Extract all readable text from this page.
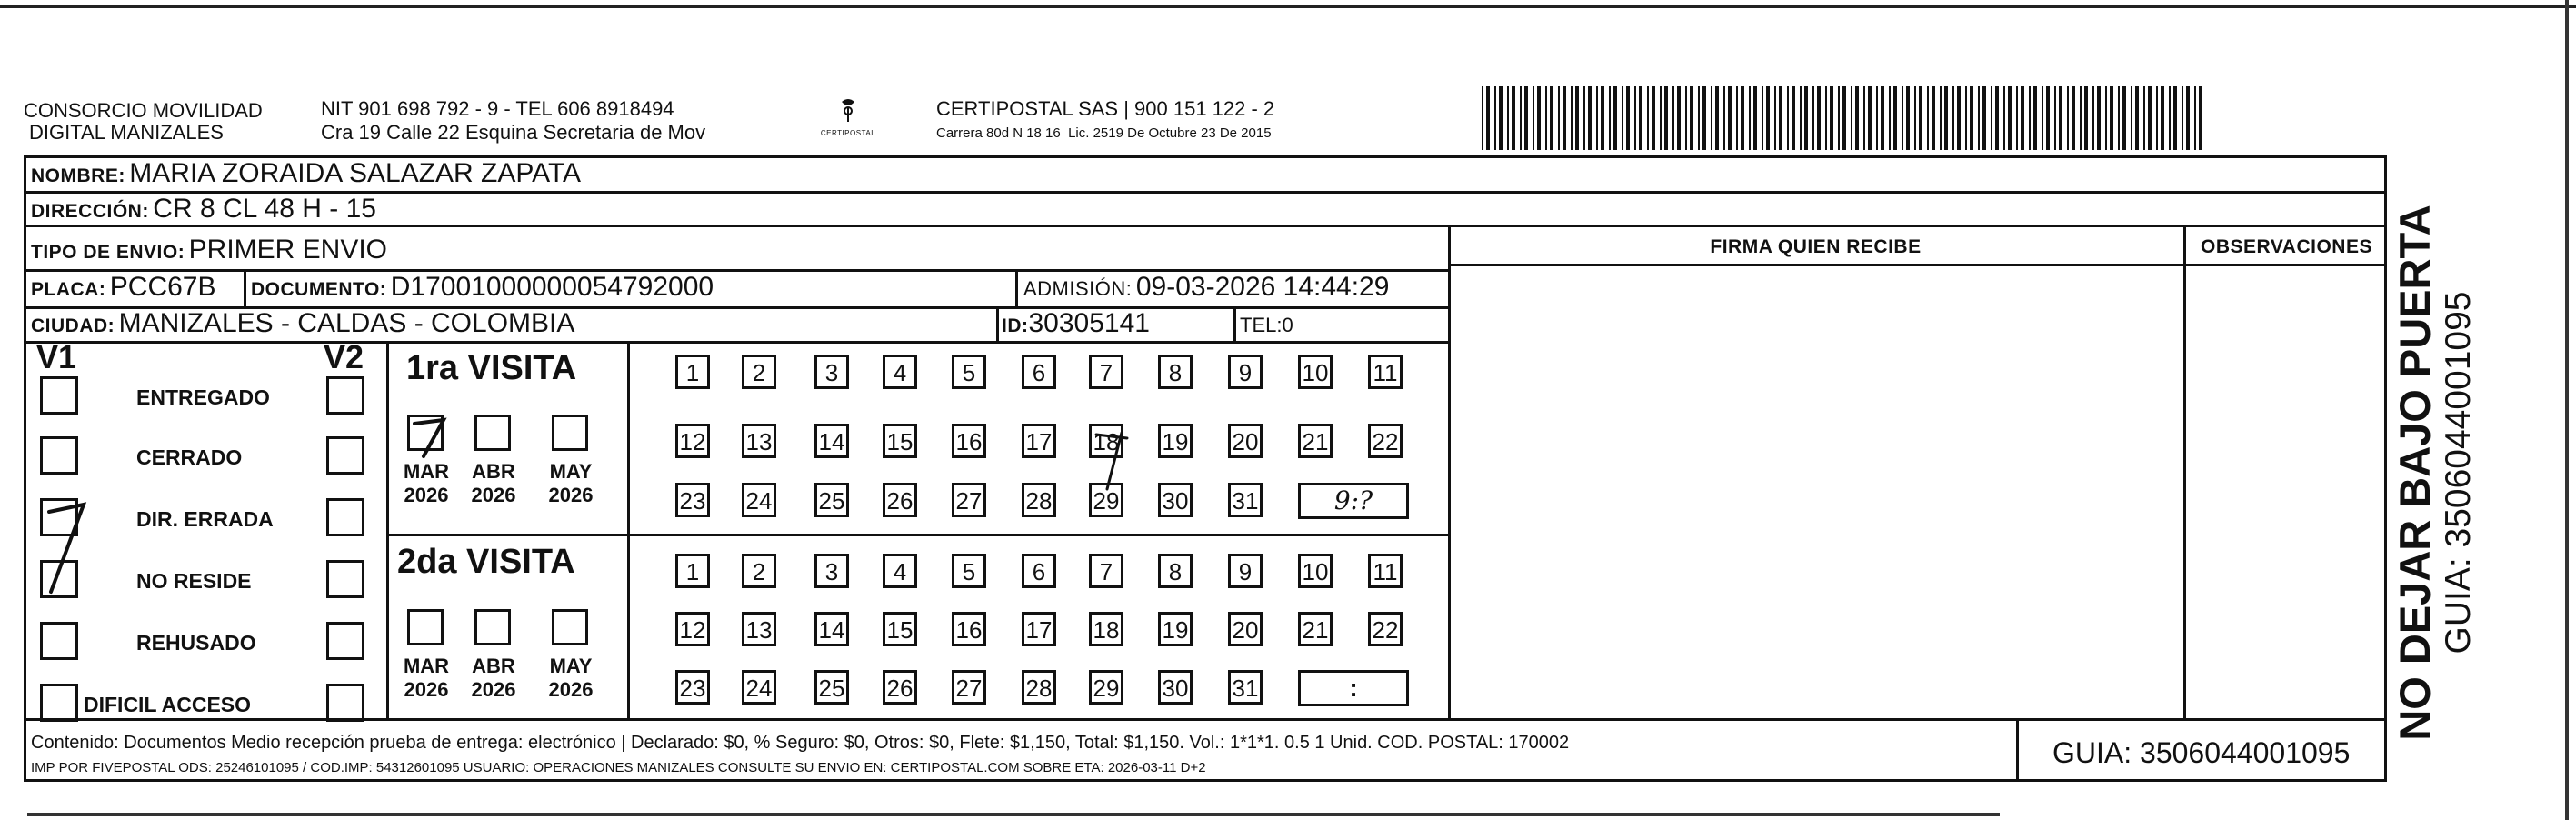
CONSORCIO MOVILIDAD
DIGITAL MANIZALES
NIT 901 698 792 - 9 - TEL 606 8918494
Cra 19 Calle 22 Esquina Secretaria de Mov	CERTIPOSTAL
CERTIPOSTAL SAS | 900 151 122 - 2
Carrera 80d N 18 16  Lic. 2519 De Octubre 23 De 2015
NOMBRE: MARIA ZORAIDA SALAZAR ZAPATA
DIRECCIÓN: CR 8 CL 48 H - 15
TIPO DE ENVIO: PRIMER ENVIO	FIRMA QUIEN RECIBE	OBSERVACIONES
PLACA: PCC67B DOCUMENTO: D17001000000054792000	ADMISIÓN: 09-03-2026 14:44:29
CIUDAD: MANIZALES - CALDAS - COLOMBIA	ID:30305141	TEL:0
V1	V2
ENTREGADO
CERRADO
DIR. ERRADA
NO RESIDE
REHUSADO
DIFICIL ACCESO
1ra VISITA
2da VISITA
MAR
2026
ABR
2026
MAY
2026
MAR
2026
ABR
2026
MAY
2026
1	2	3	4	5	6	7	8	9	10 11
12 13 14 15 16 17 18 19 20 21 22
23 24 25 26 27 28 29 30 31	9:?
1	2	3	4	5	6	7	8	9	10 11
12 13 14 15 16 17 18 19 20 21 22
23 24 25 26 27 28 29 30 31	:
Contenido: Documentos Medio recepción prueba de entrega: electrónico | Declarado: $0, % Seguro: $0, Otros: $0, Flete: $1,150, Total: $1,150. Vol.: 1*1*1. 0.5 1 Unid. COD. POSTAL: 170002
IMP POR FIVEPOSTAL ODS: 25246101095 / COD.IMP: 54312601095 USUARIO: OPERACIONES MANIZALES CONSULTE SU ENVIO EN: CERTIPOSTAL.COM SOBRE ETA: 2026-03-11 D+2	GUIA: 3506044001095
NO DEJAR BAJO PUERTA GUIA: 3506044001095
